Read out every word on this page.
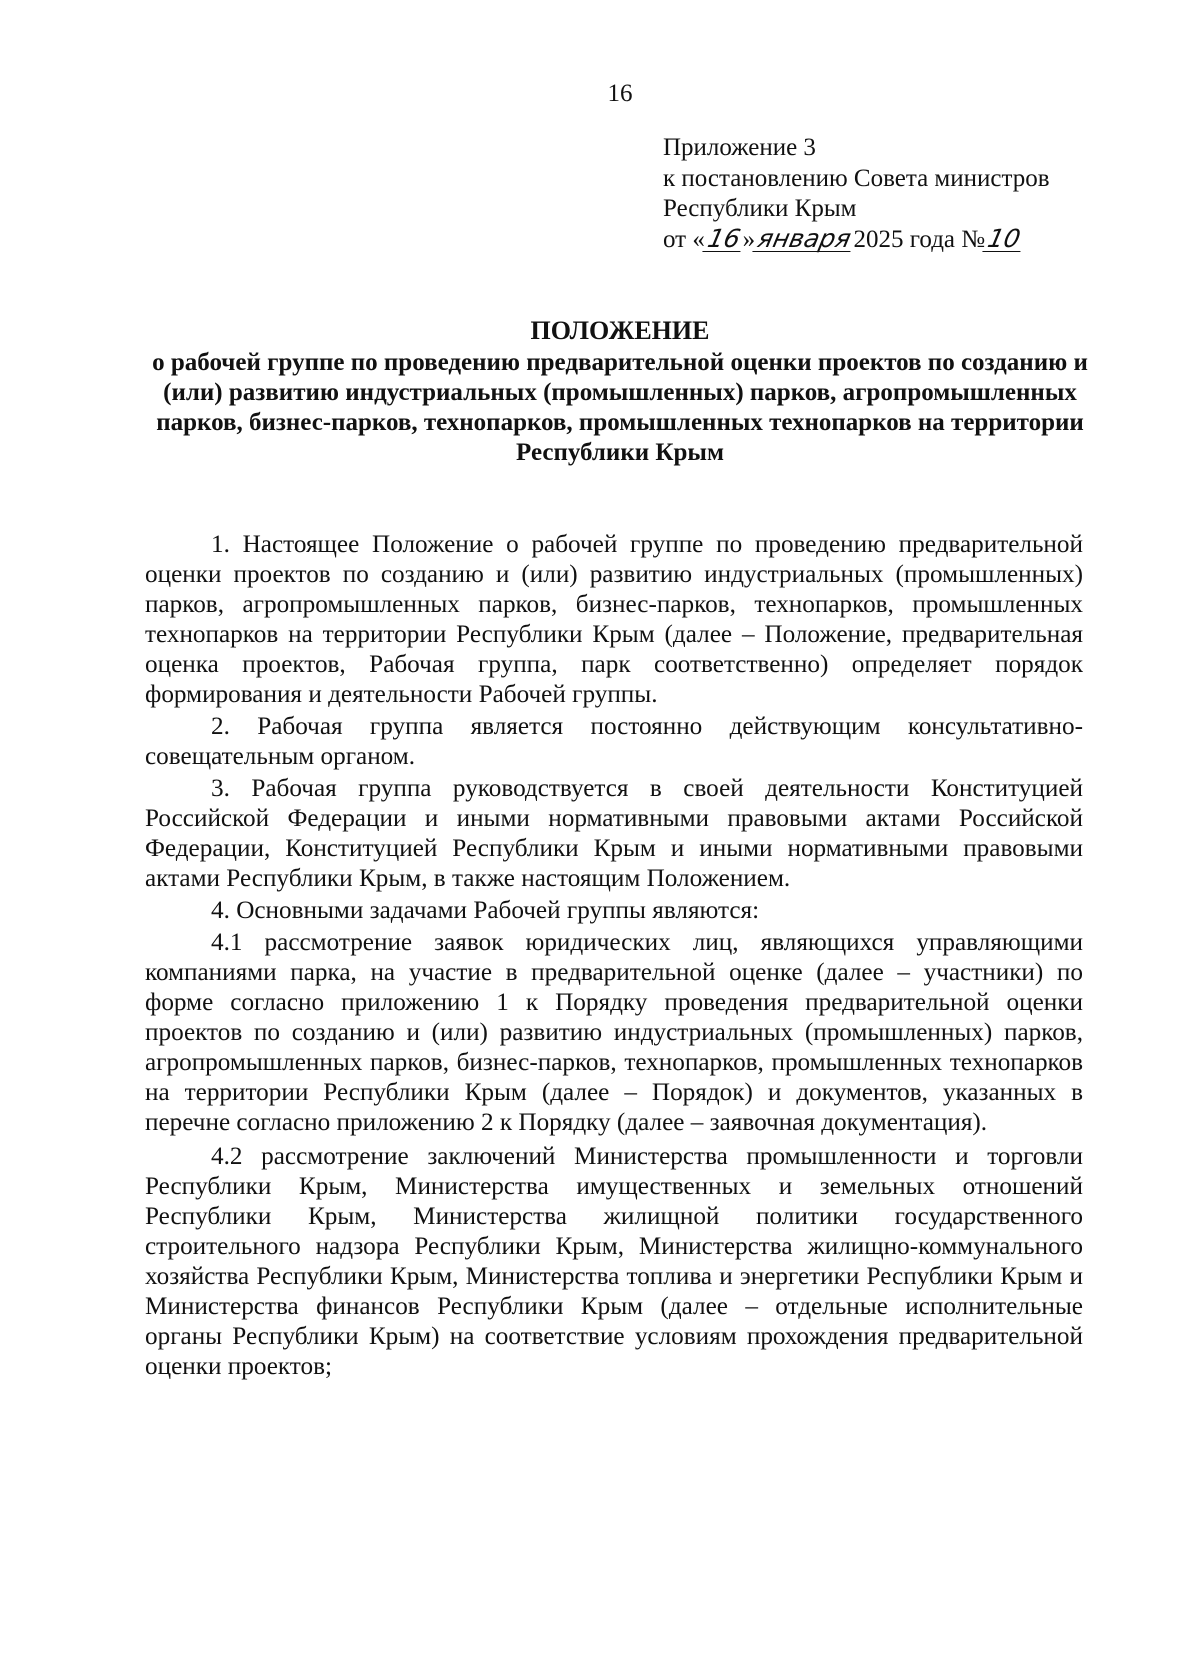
16
Приложение 3
к постановлению Совета министров
Республики Крым
от «16»января2025 года №10
ПОЛОЖЕНИЕ
о рабочей группе по проведению предварительной оценки проектов по созданию и (или) развитию индустриальных (промышленных) парков, агропромышленных парков, бизнес-парков, технопарков, промышленных технопарков на территории Республики Крым

1. Настоящее Положение о рабочей группе по проведению предварительной оценки проектов по созданию и (или) развитию индустриальных (промышленных) парков, агропромышленных парков, бизнес-парков, технопарков, промышленных технопарков на территории Республики Крым (далее – Положение, предварительная оценка проектов, Рабочая группа, парк соответственно) определяет порядок формирования и деятельности Рабочей группы.

2. Рабочая группа является постоянно действующим консультативно-совещательным органом.

3. Рабочая группа руководствуется в своей деятельности Конституцией Российской Федерации и иными нормативными правовыми актами Российской Федерации, Конституцией Республики Крым и иными нормативными правовыми актами Республики Крым, в также настоящим Положением.

4. Основными задачами Рабочей группы являются:

4.1 рассмотрение заявок юридических лиц, являющихся управляющими компаниями парка, на участие в предварительной оценке (далее – участники) по форме согласно приложению 1 к Порядку проведения предварительной оценки проектов по созданию и (или) развитию индустриальных (промышленных) парков, агропромышленных парков, бизнес-парков, технопарков, промышленных технопарков на территории Республики Крым (далее – Порядок) и документов, указанных в перечне согласно приложению 2 к Порядку (далее – заявочная документация).

4.2 рассмотрение заключений Министерства промышленности и торговли Республики Крым, Министерства имущественных и земельных отношений Республики Крым, Министерства жилищной политики государственного строительного надзора Республики Крым, Министерства жилищно-коммунального хозяйства Республики Крым, Министерства топлива и энергетики Республики Крым и Министерства финансов Республики Крым (далее – отдельные исполнительные органы Республики Крым) на соответствие условиям прохождения предварительной оценки проектов;
